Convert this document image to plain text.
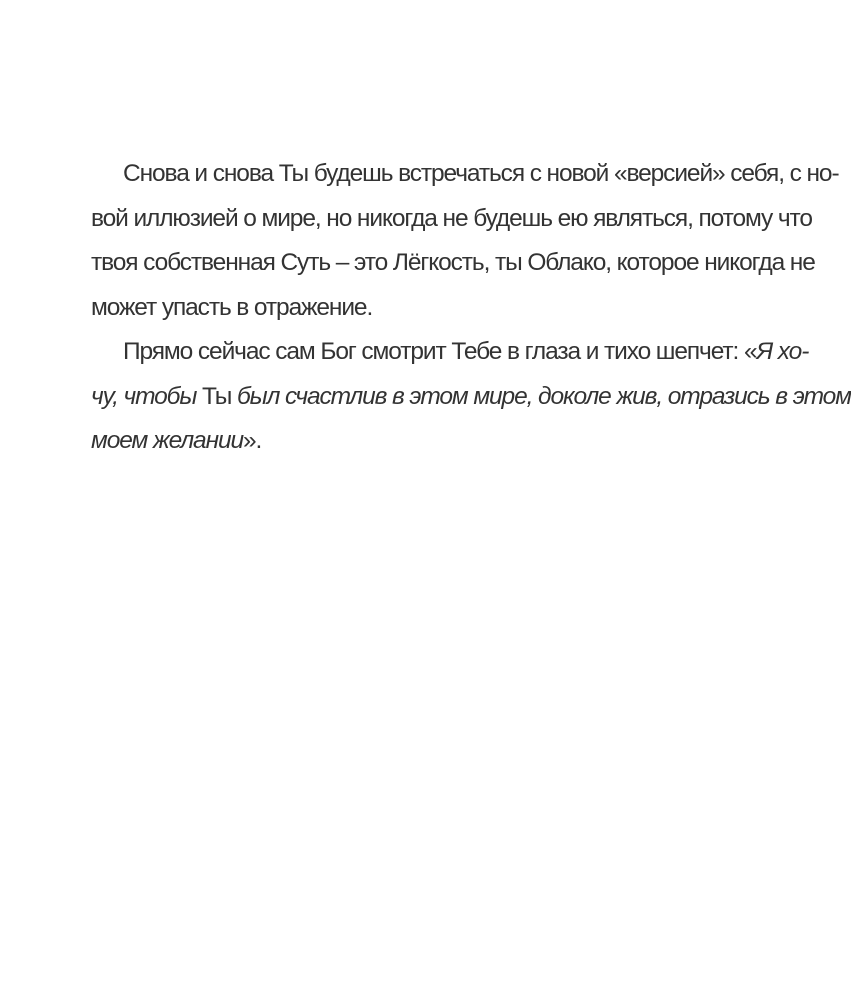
Снова и снова Ты будешь встречаться с новой «версией» себя, с но-
вой иллюзией о мире, но никогда не будешь ею являться, потому что
твоя собственная Суть – это Лёгкость, ты Облако, которое никогда не
может упасть в отражение.
Прямо сейчас сам Бог смотрит Тебе в глаза и тихо шепчет: «Я хо-
чу, чтобы Ты был счастлив в этом мире, доколе жив, отразись в этом
моем желании».
